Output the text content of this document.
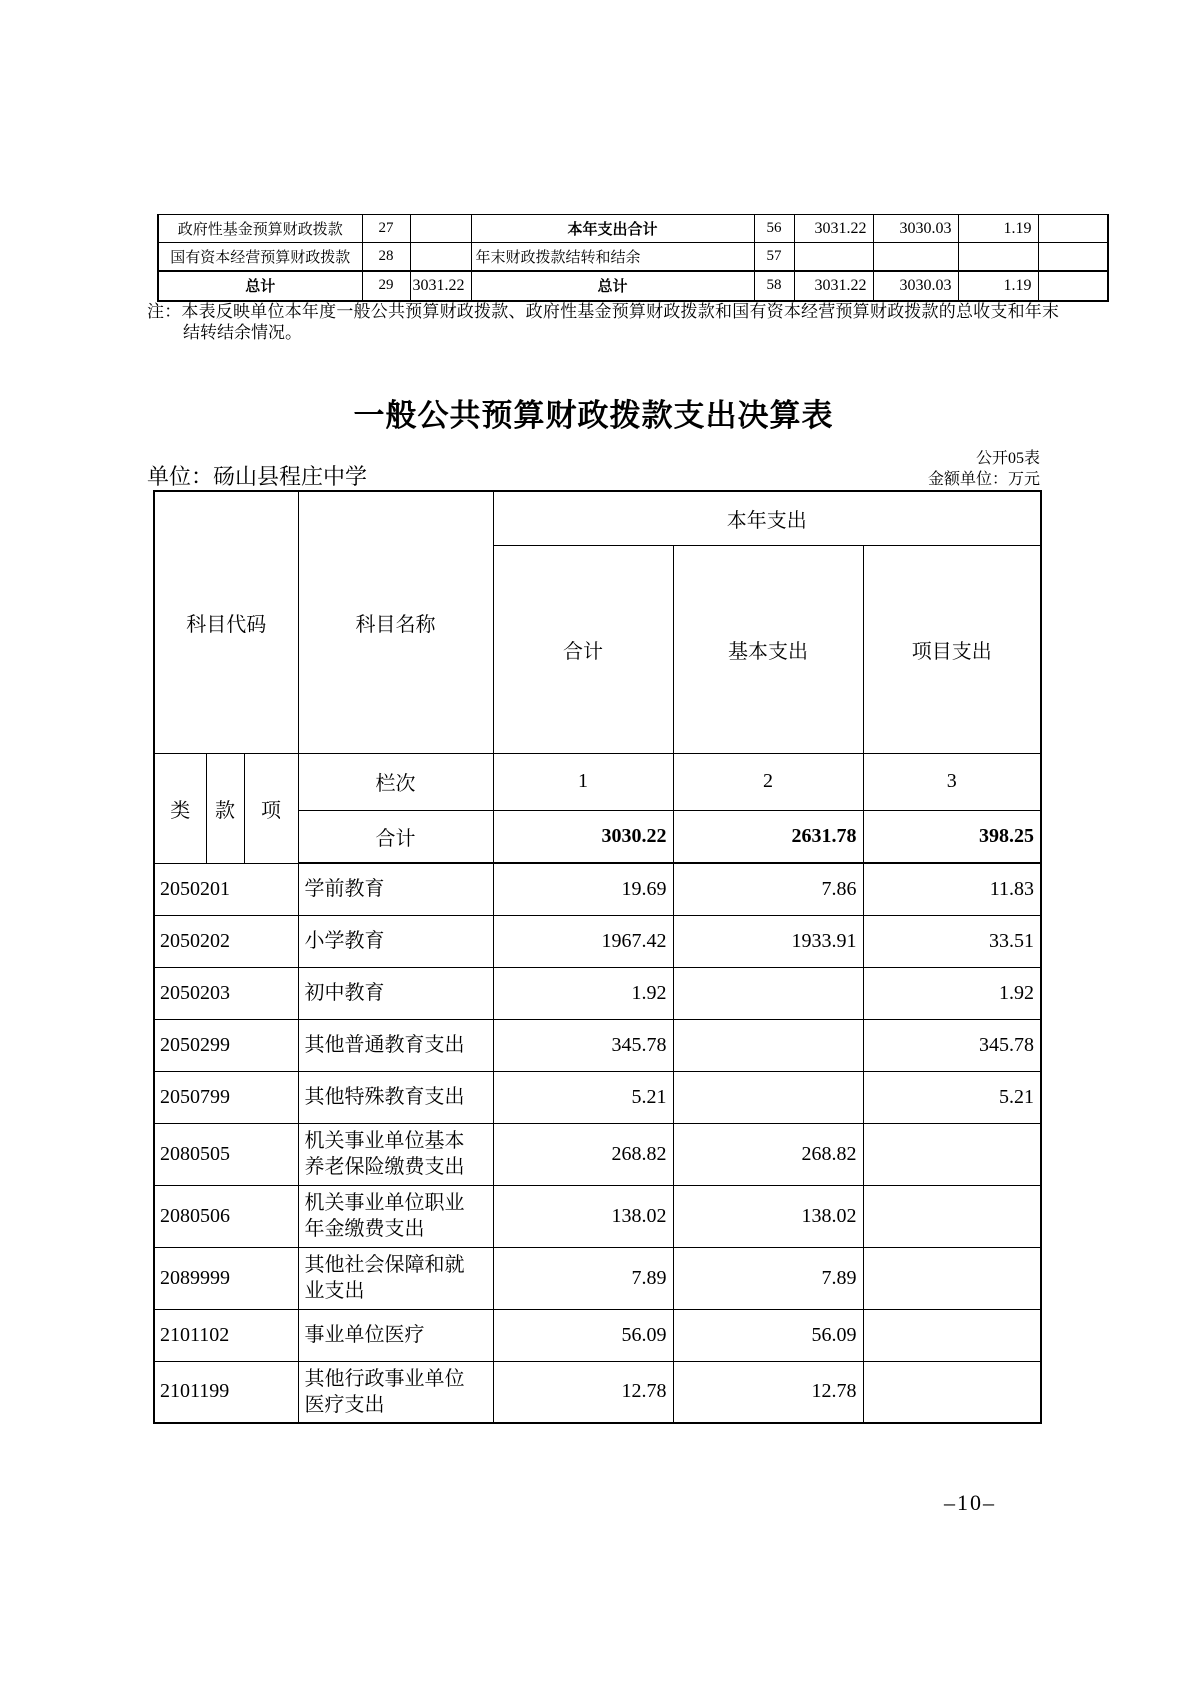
政府性基金预算财政拨款	27		本年支出合计	56	3031.22	3030.03	1.19	
国有资本经营预算财政拨款	28		年末财政拨款结转和结余	57				
总计	29	3031.22	总计	58	3031.22	3030.03	1.19	
注：本表反映单位本年度一般公共预算财政拨款、政府性基金预算财政拨款和国有资本经营预算财政拨款的总收支和年末结转结余情况。
一般公共预算财政拨款支出决算表
公开05表
单位：砀山县程庄中学	金额单位：万元
科目代码			科目名称	本年支出		
				合计	基本支出	项目支出
类	款	项	栏次	1	2	3
			合计	3030.22	2631.78	398.25
2050201			学前教育	19.69	7.86	11.83
2050202			小学教育	1967.42	1933.91	33.51
2050203			初中教育	1.92		1.92
2050299			其他普通教育支出	345.78		345.78
2050799			其他特殊教育支出	5.21		5.21
2080505			机关事业单位基本养老保险缴费支出	268.82	268.82	
2080506			机关事业单位职业年金缴费支出	138.02	138.02	
2089999			其他社会保障和就业支出	7.89	7.89	
2101102			事业单位医疗	56.09	56.09	
2101199			其他行政事业单位医疗支出	12.78	12.78	
–10–
